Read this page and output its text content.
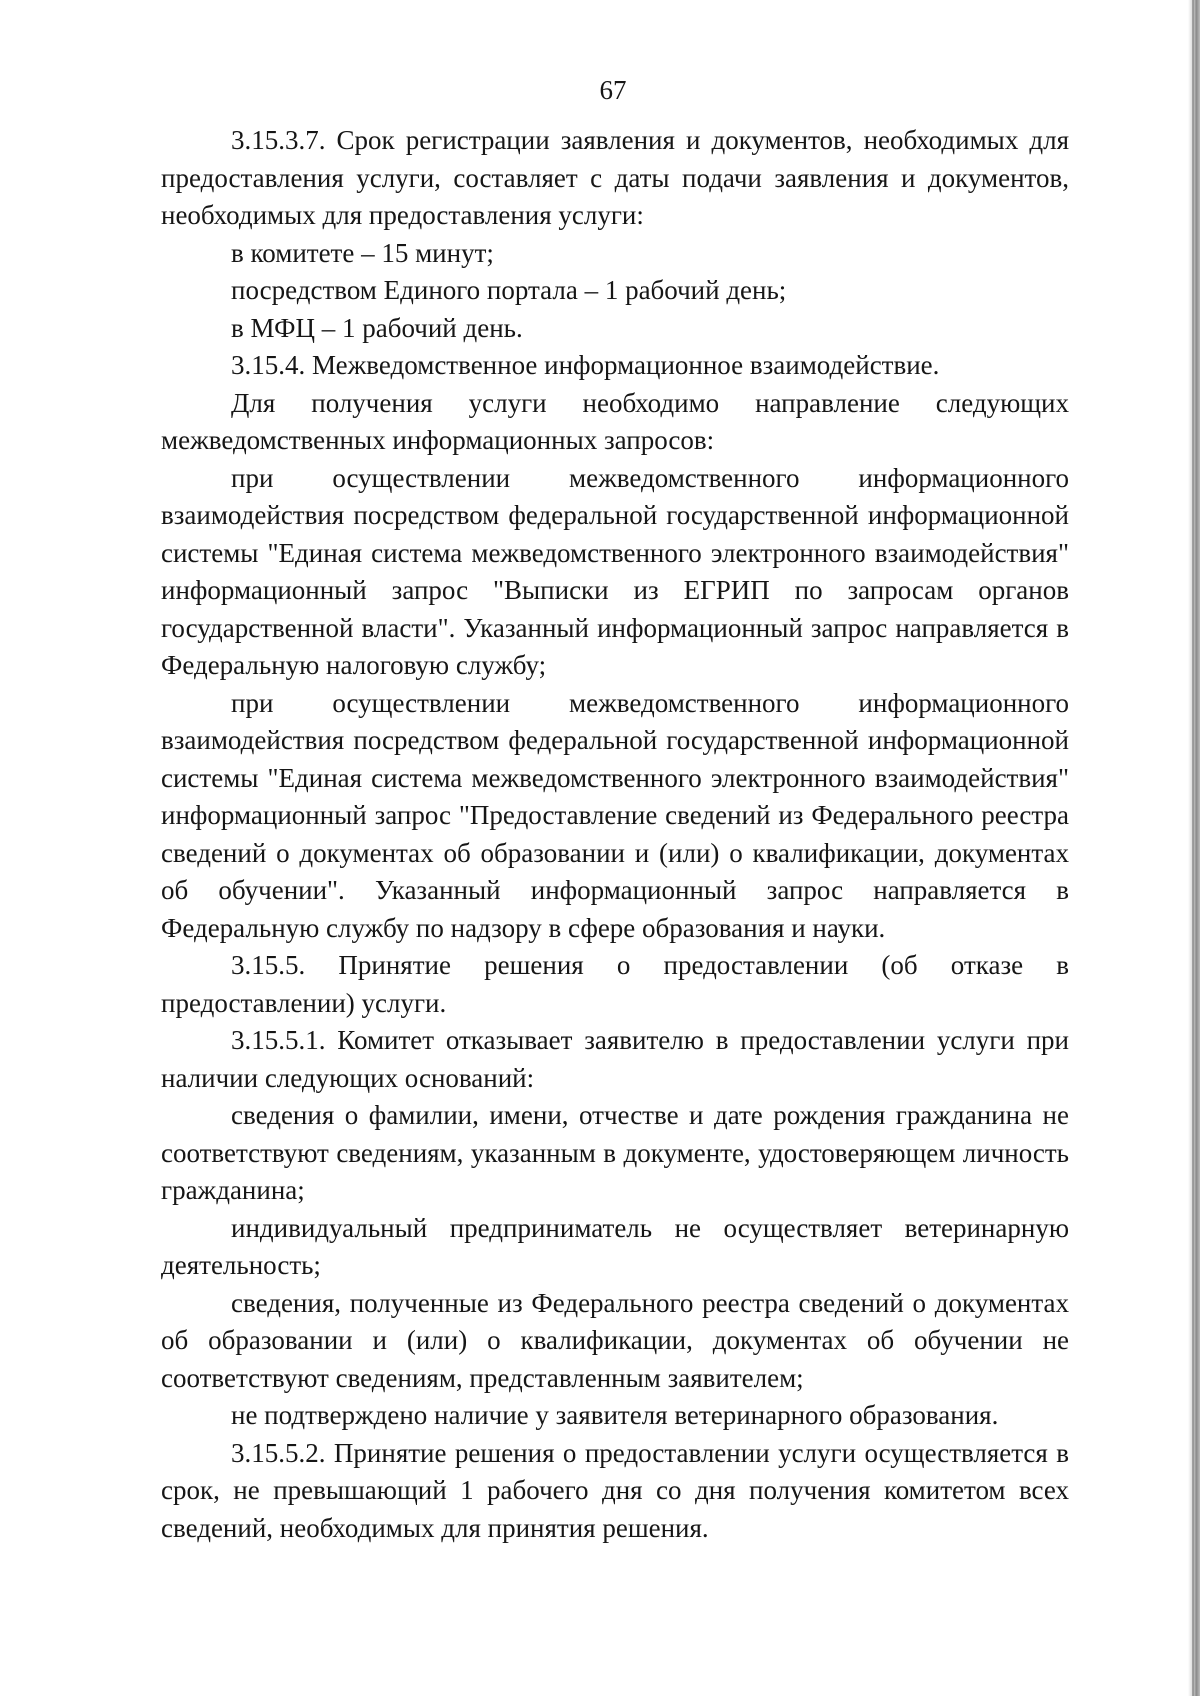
67

3.15.3.7. Срок регистрации заявления и документов, необходимых для предоставления услуги, составляет с даты подачи заявления и документов, необходимых для предоставления услуги:

в комитете – 15 минут;

посредством Единого портала – 1 рабочий день;

в МФЦ – 1 рабочий день.

3.15.4. Межведомственное информационное взаимодействие.

Для получения услуги необходимо направление следующих межведомственных информационных запросов:

при осуществлении межведомственного информационного взаимодействия посредством федеральной государственной информационной системы "Единая система межведомственного электронного взаимодействия" информационный запрос "Выписки из ЕГРИП по запросам органов государственной власти". Указанный информационный запрос направляется в Федеральную налоговую службу;

при осуществлении межведомственного информационного взаимодействия посредством федеральной государственной информационной системы "Единая система межведомственного электронного взаимодействия" информационный запрос "Предоставление сведений из Федерального реестра сведений о документах об образовании и (или) о квалификации, документах об обучении". Указанный информационный запрос направляется в Федеральную службу по надзору в сфере образования и науки.

3.15.5. Принятие решения о предоставлении (об отказе в предоставлении) услуги.

3.15.5.1. Комитет отказывает заявителю в предоставлении услуги при наличии следующих оснований:

сведения о фамилии, имени, отчестве и дате рождения гражданина не соответствуют сведениям, указанным в документе, удостоверяющем личность гражданина;

индивидуальный предприниматель не осуществляет ветеринарную деятельность;

сведения, полученные из Федерального реестра сведений о документах об образовании и (или) о квалификации, документах об обучении не соответствуют сведениям, представленным заявителем;

не подтверждено наличие у заявителя ветеринарного образования.

3.15.5.2. Принятие решения о предоставлении услуги осуществляется в срок, не превышающий 1 рабочего дня со дня получения комитетом всех сведений, необходимых для принятия решения.
